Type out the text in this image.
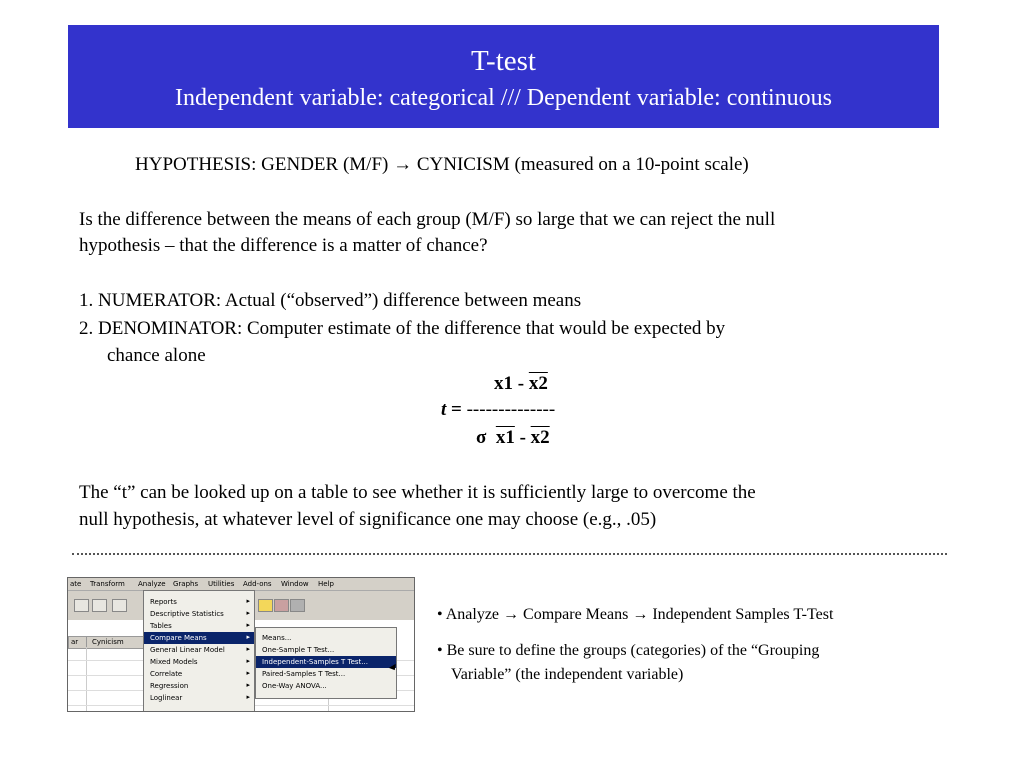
T-test
Independent variable: categorical /// Dependent variable: continuous
HYPOTHESIS: GENDER (M/F) → CYNICISM (measured on a 10-point scale)
Is the difference between the means of each group (M/F) so large that we can reject the null
hypothesis – that the difference is a matter of chance?
1. NUMERATOR: Actual (“observed”) difference between means
2. DENOMINATOR: Computer estimate of the difference that would be expected by
chance alone
x1 - x2
t = --------------
σ x1 - x2
The “t” can be looked up on a table to see whether it is sufficiently large to overcome the
null hypothesis, at whatever level of significance one may choose (e.g., .05)
ate Transform Analyze Graphs Utilities Add-ons Window Help
ar Cynicism
Reports	▸
Descriptive Statistics	▸
Tables	▸
Compare Means	▸
General Linear Model	▸
Mixed Models	▸
Correlate	▸
Regression	▸
Loglinear	▸
Means...
One-Sample T Test...
Independent-Samples T Test...
Paired-Samples T Test...
One-Way ANOVA...
• Analyze → Compare Means → Independent Samples T-Test
• Be sure to define the groups (categories) of the “Grouping
Variable” (the independent variable)
